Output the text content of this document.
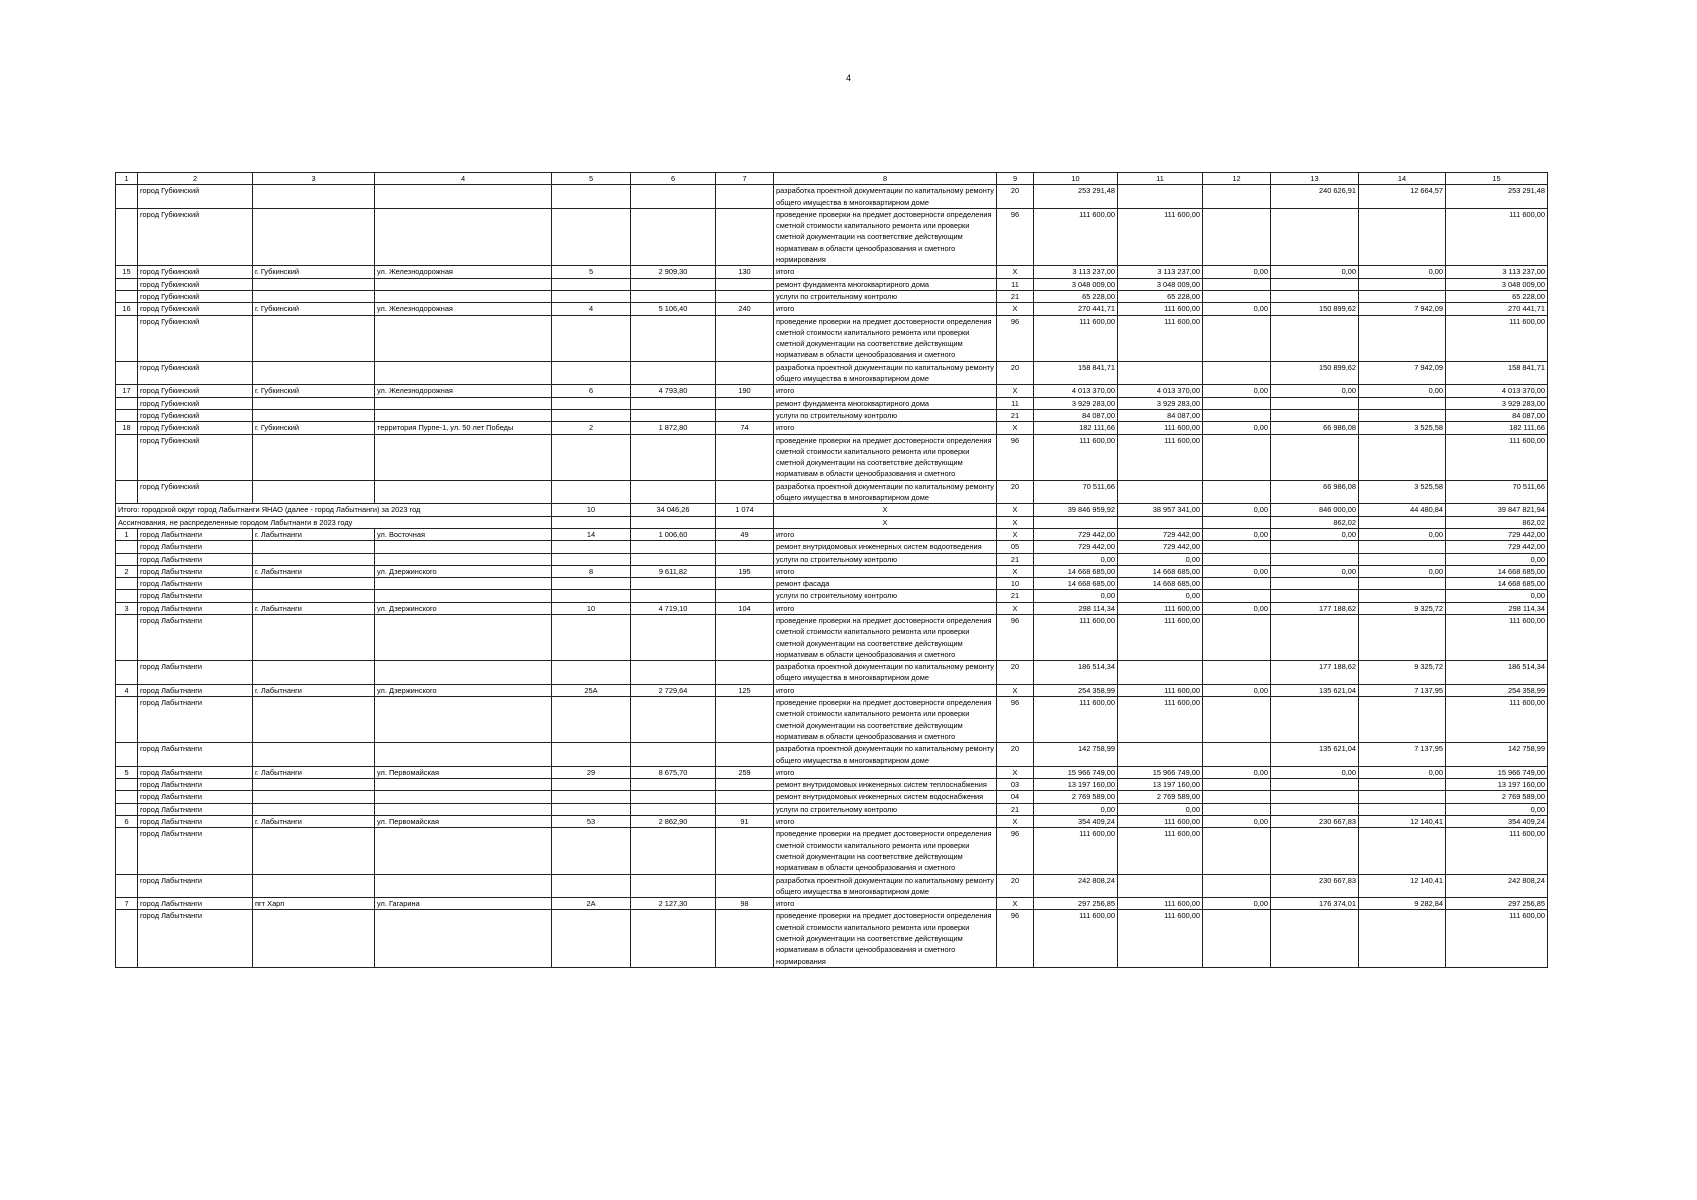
4
1	2	3	4	5	6	7	8	9	10	11	12	13	14	15
	город Губкинский						разработка проектной документации по капитальному ремонту общего имущества в многоквартирном доме	20	253 291,48			240 626,91	12 664,57	253 291,48
	город Губкинский						проведение проверки на предмет достоверности определения сметной стоимости капитального ремонта или проверки сметной документации на соответствие действующим нормативам в области ценообразования и сметного нормирования	96	111 600,00	111 600,00				111 600,00
15	город Губкинский	г. Губкинский	ул. Железнодорожная	5	2 909,30	130	итого	X	3 113 237,00	3 113 237,00	0,00	0,00	0,00	3 113 237,00
	город Губкинский						ремонт фундамента многоквартирного дома	11	3 048 009,00	3 048 009,00				3 048 009,00
	город Губкинский						услуги по строительному контролю	21	65 228,00	65 228,00				65 228,00
16	город Губкинский	г. Губкинский	ул. Железнодорожная	4	5 106,40	240	итого	X	270 441,71	111 600,00	0,00	150 899,62	7 942,09	270 441,71
	город Губкинский						проведение проверки на предмет достоверности определения сметной стоимости капитального ремонта или проверки сметной документации на соответствие действующим нормативам в области ценообразования и сметного	96	111 600,00	111 600,00				111 600,00
	город Губкинский						разработка проектной документации по капитальному ремонту общего имущества в многоквартирном доме	20	158 841,71			150 899,62	7 942,09	158 841,71
17	город Губкинский	г. Губкинский	ул. Железнодорожная	6	4 793,80	190	итого	X	4 013 370,00	4 013 370,00	0,00	0,00	0,00	4 013 370,00
	город Губкинский						ремонт фундамента многоквартирного дома	11	3 929 283,00	3 929 283,00				3 929 283,00
	город Губкинский						услуги по строительному контролю	21	84 087,00	84 087,00				84 087,00
18	город Губкинский	г. Губкинский	территория Пурпе-1, ул. 50 лет Победы	2	1 872,80	74	итого	X	182 111,66	111 600,00	0,00	66 986,08	3 525,58	182 111,66
	город Губкинский						проведение проверки на предмет достоверности определения сметной стоимости капитального ремонта или проверки сметной документации на соответствие действующим нормативам в области ценообразования и сметного	96	111 600,00	111 600,00				111 600,00
	город Губкинский						разработка проектной документации по капитальному ремонту общего имущества в многоквартирном доме	20	70 511,66			66 986,08	3 525,58	70 511,66
Итого: городской округ город Лабытнанги ЯНАО (далее - город Лабытнанги) за 2023 год				10	34 046,26	1 074	X	X	39 846 959,92	38 957 341,00	0,00	846 000,00	44 480,84	39 847 821,94
Ассигнования, не распределенные городом Лабытнанги в 2023 году							X	X				862,02		862,02
1	город Лабытнанги	г. Лабытнанги	ул. Восточная	14	1 006,60	49	итого	X	729 442,00	729 442,00	0,00	0,00	0,00	729 442,00
	город Лабытнанги						ремонт внутридомовых инженерных систем водоотведения	05	729 442,00	729 442,00				729 442,00
	город Лабытнанги						услуги по строительному контролю	21	0,00	0,00				0,00
2	город Лабытнанги	г. Лабытнанги	ул. Дзержинского	8	9 611,82	195	итого	X	14 668 685,00	14 668 685,00	0,00	0,00	0,00	14 668 685,00
	город Лабытнанги						ремонт фасада	10	14 668 685,00	14 668 685,00				14 668 685,00
	город Лабытнанги						услуги по строительному контролю	21	0,00	0,00				0,00
3	город Лабытнанги	г. Лабытнанги	ул. Дзержинского	10	4 719,10	104	итого	X	298 114,34	111 600,00	0,00	177 188,62	9 325,72	298 114,34
	город Лабытнанги						проведение проверки на предмет достоверности определения сметной стоимости капитального ремонта или проверки сметной документации на соответствие действующим нормативам в области ценообразования и сметного	96	111 600,00	111 600,00				111 600,00
	город Лабытнанги						разработка проектной документации по капитальному ремонту общего имущества в многоквартирном доме	20	186 514,34			177 188,62	9 325,72	186 514,34
4	город Лабытнанги	г. Лабытнанги	ул. Дзержинского	25А	2 729,64	125	итого	X	254 358,99	111 600,00	0,00	135 621,04	7 137,95	254 358,99
	город Лабытнанги						проведение проверки на предмет достоверности определения сметной стоимости капитального ремонта или проверки сметной документации на соответствие действующим нормативам в области ценообразования и сметного	96	111 600,00	111 600,00				111 600,00
	город Лабытнанги						разработка проектной документации по капитальному ремонту общего имущества в многоквартирном доме	20	142 758,99			135 621,04	7 137,95	142 758,99
5	город Лабытнанги	г. Лабытнанги	ул. Первомайская	29	8 675,70	259	итого	X	15 966 749,00	15 966 749,00	0,00	0,00	0,00	15 966 749,00
	город Лабытнанги						ремонт внутридомовых инженерных систем теплоснабжения	03	13 197 160,00	13 197 160,00				13 197 160,00
	город Лабытнанги						ремонт внутридомовых инженерных систем водоснабжения	04	2 769 589,00	2 769 589,00				2 769 589,00
	город Лабытнанги						услуги по строительному контролю	21	0,00	0,00				0,00
6	город Лабытнанги	г. Лабытнанги	ул. Первомайская	53	2 862,90	91	итого	X	354 409,24	111 600,00	0,00	230 667,83	12 140,41	354 409,24
	город Лабытнанги						проведение проверки на предмет достоверности определения сметной стоимости капитального ремонта или проверки сметной документации на соответствие действующим нормативам в области ценообразования и сметного	96	111 600,00	111 600,00				111 600,00
	город Лабытнанги						разработка проектной документации по капитальному ремонту общего имущества в многоквартирном доме	20	242 808,24			230 667,83	12 140,41	242 808,24
7	город Лабытнанги	пгт Харп	ул. Гагарина	2А	2 127,30	98	итого	X	297 256,85	111 600,00	0,00	176 374,01	9 282,84	297 256,85
	город Лабытнанги						проведение проверки на предмет достоверности определения сметной стоимости капитального ремонта или проверки сметной документации на соответствие действующим нормативам в области ценообразования и сметного нормирования	96	111 600,00	111 600,00				111 600,00
